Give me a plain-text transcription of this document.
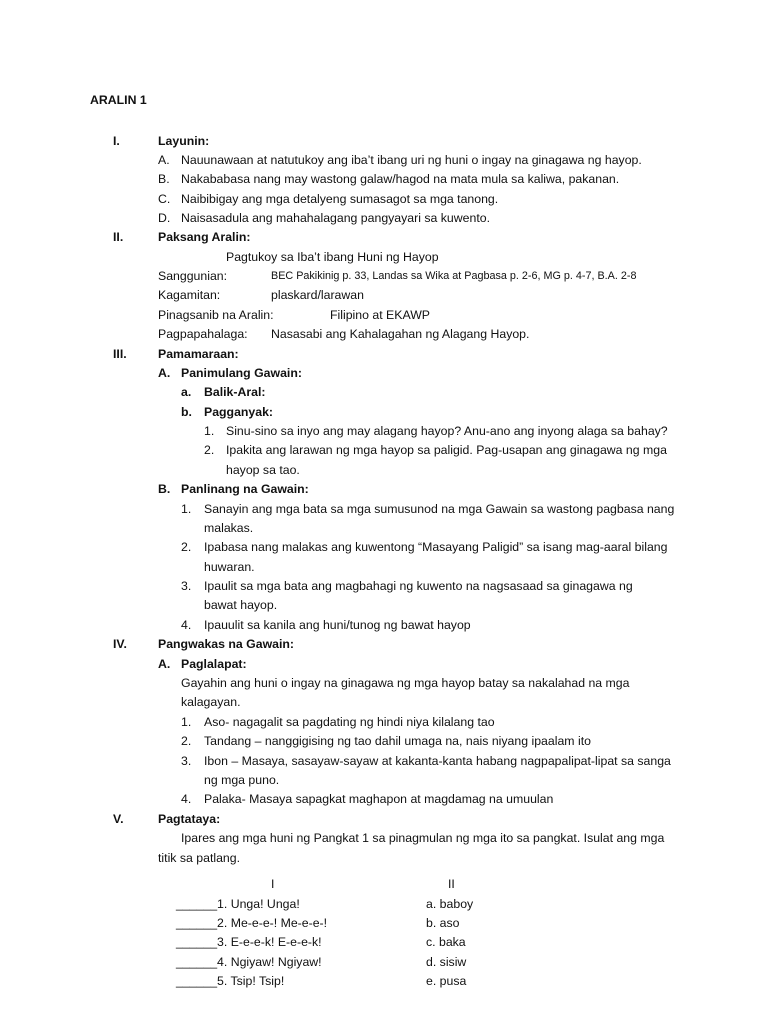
ARALIN 1
I.	Layunin:
A. Nauunawaan at natutukoy ang iba’t ibang uri ng huni o ingay na ginagawa ng hayop.
B. Nakababasa nang may wastong galaw/hagod na mata mula sa kaliwa, pakanan.
C. Naibibigay ang mga detalyeng sumasagot sa mga tanong.
D. Naisasadula ang mahahalagang pangyayari sa kuwento.
II.	Paksang Aralin:
Pagtukoy sa Iba’t ibang Huni ng Hayop
Sanggunian:	BEC Pakikinig p. 33, Landas sa Wika at Pagbasa p. 2-6, MG p. 4-7, B.A. 2-8
Kagamitan:	plaskard/larawan
Pinagsanib na Aralin:	Filipino at EKAWP
Pagpapahalaga: Nasasabi ang Kahalagahan ng Alagang Hayop.
III.	Pamamaraan:
A. Panimulang Gawain:
a. Balik-Aral:
b. Pagganyak:
1. Sinu-sino sa inyo ang may alagang hayop? Anu-ano ang inyong alaga sa bahay?
2. Ipakita ang larawan ng mga hayop sa paligid. Pag-usapan ang ginagawa ng mga
hayop sa tao.
B. Panlinang na Gawain:
1. Sanayin ang mga bata sa mga sumusunod na mga Gawain sa wastong pagbasa nang
malakas.
2. Ipabasa nang malakas ang kuwentong “Masayang Paligid” sa isang mag-aaral bilang
huwaran.
3. Ipaulit sa mga bata ang magbahagi ng kuwento na nagsasaad sa ginagawa ng
bawat hayop.
4. Ipauulit sa kanila ang huni/tunog ng bawat hayop
IV.	Pangwakas na Gawain:
A. Paglalapat:
Gayahin ang huni o ingay na ginagawa ng mga hayop batay sa nakalahad na mga
kalagayan.
1. Aso- nagagalit sa pagdating ng hindi niya kilalang tao
2. Tandang – nanggigising ng tao dahil umaga na, nais niyang ipaalam ito
3. Ibon – Masaya, sasayaw-sayaw at kakanta-kanta habang nagpapalipat-lipat sa sanga
ng mga puno.
4. Palaka- Masaya sapagkat maghapon at magdamag na umuulan
V.	Pagtataya:
Ipares ang mga huni ng Pangkat 1 sa pinagmulan ng mga ito sa pangkat. Isulat ang mga
titik sa patlang.
I	II
______1. Unga! Unga!	a. baboy
______2. Me-e-e-! Me-e-e-!	b. aso
______3. E-e-e-k! E-e-e-k!	c. baka
______4. Ngiyaw! Ngiyaw!	d. sisiw
______5. Tsip! Tsip!	e. pusa
